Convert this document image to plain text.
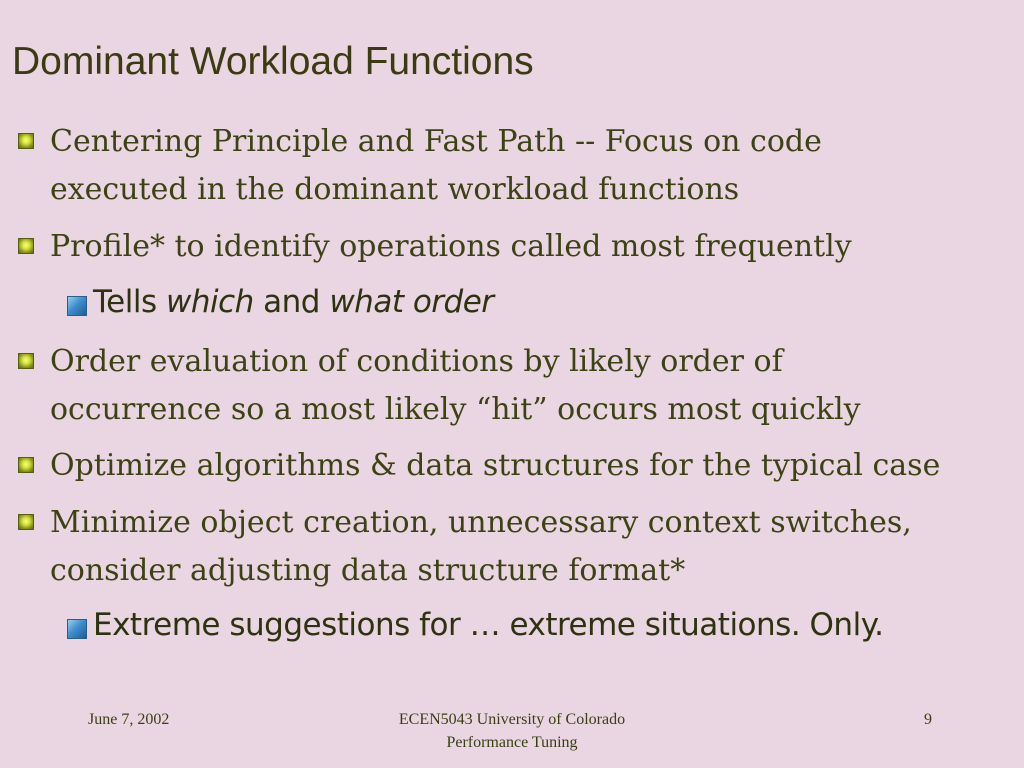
Dominant Workload Functions
Centering Principle and Fast Path -- Focus on code
executed in the dominant workload functions
Profile* to identify operations called most frequently
Tells which and what order
Order evaluation of conditions by likely order of
occurrence so a most likely “hit” occurs most quickly
Optimize algorithms & data structures for the typical case
Minimize object creation, unnecessary context switches,
consider adjusting data structure format*
Extreme suggestions for … extreme situations. Only.
June 7, 2002	ECEN5043 University of Colorado
Performance Tuning
9
